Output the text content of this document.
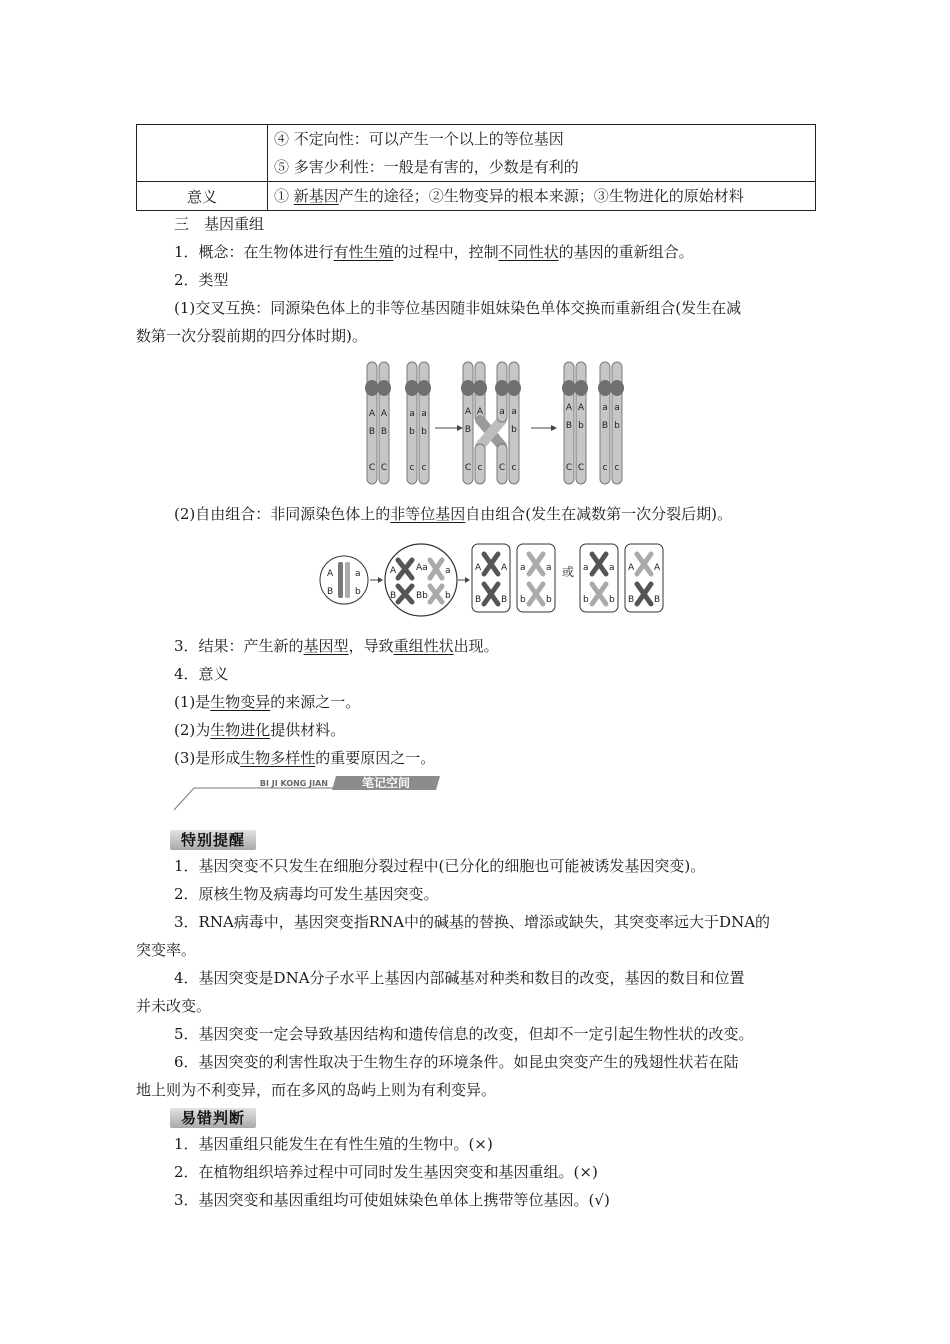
	④ 不定向性：可以产生一个以上的等位基因
⑤ 多害少利性：一般是有害的，少数是有利的

意义	① 新基因产生的途径；②生物变异的根本来源；③生物进化的原始材料
三　基因重组
1．概念：在生物体进行有性生殖的过程中，控制不同性状的基因的重新组合。
2．类型
(1)交叉互换：同源染色体上的非等位基因随非姐妹染色单体交换而重新组合(发生在减
数第一次分裂前期的四分体时期)。
A A a a
B B b b
C C c c
A A a a
B	b
C c C c
A A a a
B b B b
C C c c
(2)自由组合：非同源染色体上的非等位基因自由组合(发生在减数第一次分裂后期)。
A a
B b
A Aa a
B Bb b
A A
B B
a a
b b
或 a a
b b
A A
B B
3．结果：产生新的基因型，导致重组性状出现。
4．意义
(1)是生物变异的来源之一。
(2)为生物进化提供材料。
(3)是形成生物多样性的重要原因之一。
BI JI KONG JIAN	笔记空间
特别提醒
1．基因突变不只发生在细胞分裂过程中(已分化的细胞也可能被诱发基因突变)。
2．原核生物及病毒均可发生基因突变。
3．RNA病毒中，基因突变指RNA中的碱基的替换、增添或缺失，其突变率远大于DNA的
突变率。
4．基因突变是DNA分子水平上基因内部碱基对种类和数目的改变，基因的数目和位置
并未改变。
5．基因突变一定会导致基因结构和遗传信息的改变，但却不一定引起生物性状的改变。
6．基因突变的利害性取决于生物生存的环境条件。如昆虫突变产生的残翅性状若在陆
地上则为不利变异，而在多风的岛屿上则为有利变异。
易错判断
1．基因重组只能发生在有性生殖的生物中。(×)
2．在植物组织培养过程中可同时发生基因突变和基因重组。(×)
3．基因突变和基因重组均可使姐妹染色单体上携带等位基因。(√)
